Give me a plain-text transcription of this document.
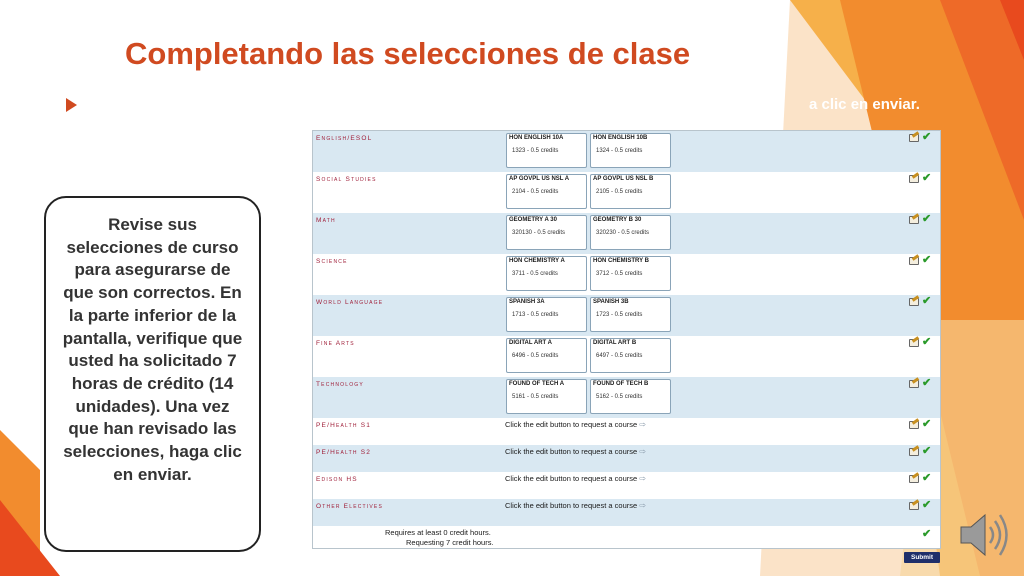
Completando las selecciones de clase
a clic en enviar.
English/ESOL	HON ENGLISH 10A
1323 - 0.5 credits
HON ENGLISH 10B
1324 - 0.5 credits
✔
Social Studies	AP GOVPL US NSL A
2104 - 0.5 credits
AP GOVPL US NSL B
2105 - 0.5 credits
✔
Math	GEOMETRY A 30
320130 - 0.5 credits
GEOMETRY B 30
320230 - 0.5 credits
✔
Science	HON CHEMISTRY A
3711 - 0.5 credits
HON CHEMISTRY B
3712 - 0.5 credits
✔
World Language	SPANISH 3A
1713 - 0.5 credits
SPANISH 3B
1723 - 0.5 credits
✔
Fine Arts	DIGITAL ART A
6496 - 0.5 credits
DIGITAL ART B
6497 - 0.5 credits
✔
Technology	FOUND OF TECH A
5161 - 0.5 credits
FOUND OF TECH B
5162 - 0.5 credits
✔
PE/Health S1	Click the edit button to request a course ⇨	✔
PE/Health S2	Click the edit button to request a course ⇨	✔
Edison HS	Click the edit button to request a course ⇨	✔
Other Electives	Click the edit button to request a course ⇨	✔
Requires at least 0 credit hours.
Requesting 7 credit hours.
✔
Submit
Revise sus selecciones de curso para asegurarse de que son correctos. En la parte inferior de la pantalla, verifique que usted ha solicitado 7 horas de crédito (14 unidades). Una vez que han revisado las selecciones, haga clic en enviar.
